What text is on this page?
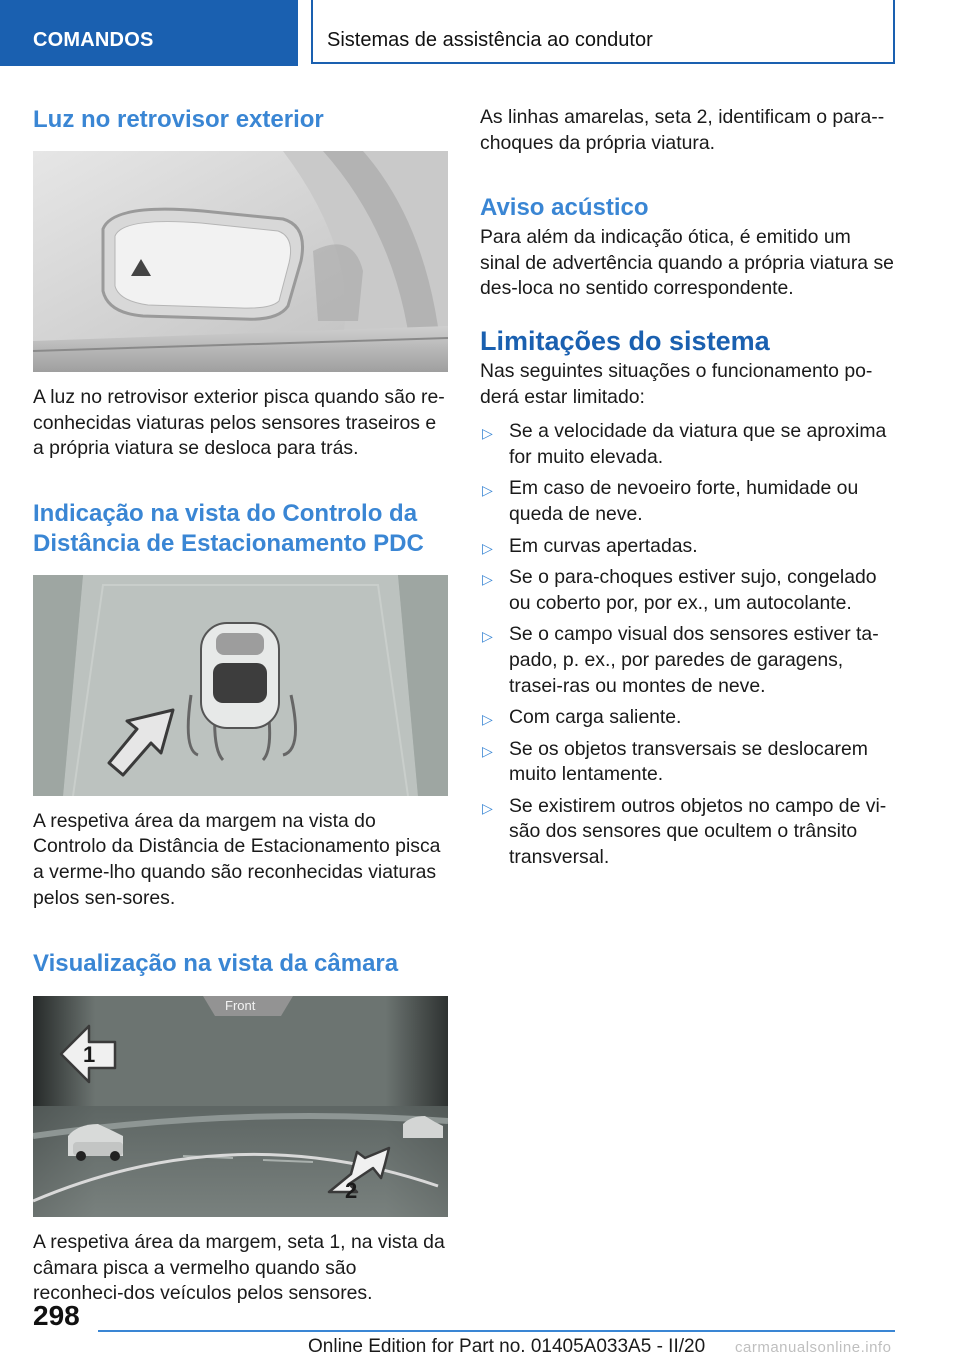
COMANDOS	Sistemas de assistência ao condutor
Luz no retrovisor exterior

A luz no retrovisor exterior pisca quando são re-conhecidas viaturas pelos sensores traseiros e a própria viatura se desloca para trás.

Indicação na vista do Controlo da Distância de Estacionamento PDC

A respetiva área da margem na vista do Controlo da Distância de Estacionamento pisca a verme-lho quando são reconhecidas viaturas pelos sen-sores.

Visualização na vista da câmara
Front
1
2

A respetiva área da margem, seta 1, na vista da câmara pisca a vermelho quando são reconheci-dos veículos pelos sensores.

As linhas amarelas, seta 2, identificam o para--choques da própria viatura.

Aviso acústico

Para além da indicação ótica, é emitido um sinal de advertência quando a própria viatura se des-loca no sentido correspondente.

Limitações do sistema

Nas seguintes situações o funcionamento po-derá estar limitado:

▷ Se a velocidade da viatura que se aproxima for muito elevada.
▷ Em caso de nevoeiro forte, humidade ou queda de neve.
▷ Em curvas apertadas.
▷ Se o para-choques estiver sujo, congelado ou coberto por, por ex., um autocolante.
▷ Se o campo visual dos sensores estiver ta-pado, p. ex., por paredes de garagens, trasei-ras ou montes de neve.
▷ Com carga saliente.
▷ Se os objetos transversais se deslocarem muito lentamente.
▷ Se existirem outros objetos no campo de vi-são dos sensores que ocultem o trânsito transversal.
298
Online Edition for Part no. 01405A033A5 - II/20 carmanualsonline.info
